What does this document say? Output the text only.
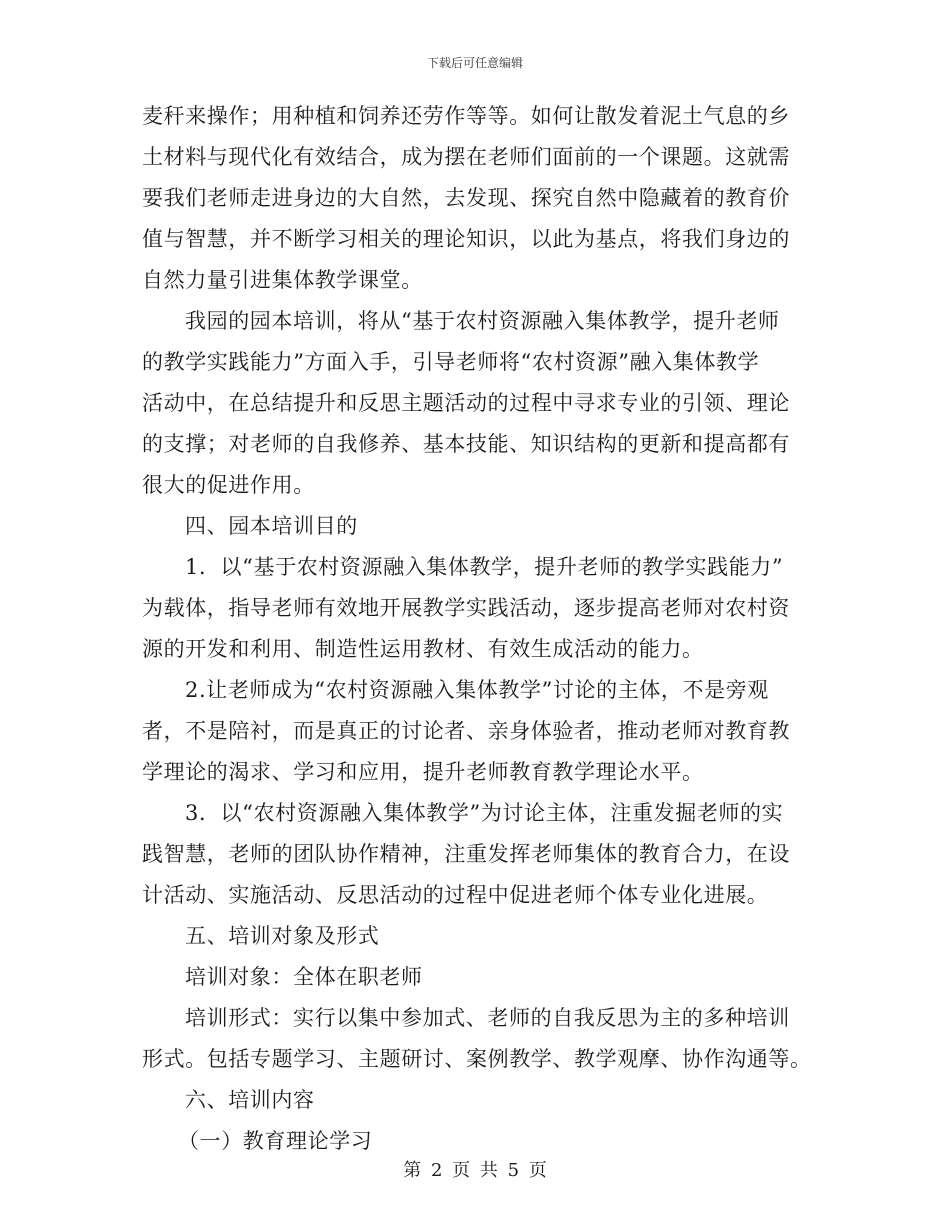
下载后可任意编辑
麦秆来操作；用种植和饲养还劳作等等。如何让散发着泥土气息的乡
土材料与现代化有效结合，成为摆在老师们面前的一个课题。这就需
要我们老师走进身边的大自然，去发现、探究自然中隐藏着的教育价
值与智慧，并不断学习相关的理论知识，以此为基点，将我们身边的
自然力量引进集体教学课堂。
我园的园本培训，将从“基于农村资源融入集体教学，提升老师
的教学实践能力”方面入手，引导老师将“农村资源”融入集体教学
活动中，在总结提升和反思主题活动的过程中寻求专业的引领、理论
的支撑；对老师的自我修养、基本技能、知识结构的更新和提高都有
很大的促进作用。
四、园本培训目的
1．以“基于农村资源融入集体教学，提升老师的教学实践能力”
为载体，指导老师有效地开展教学实践活动，逐步提高老师对农村资
源的开发和利用、制造性运用教材、有效生成活动的能力。
2.让老师成为“农村资源融入集体教学”讨论的主体，不是旁观
者，不是陪衬，而是真正的讨论者、亲身体验者，推动老师对教育教
学理论的渴求、学习和应用，提升老师教育教学理论水平。
3．以“农村资源融入集体教学”为讨论主体，注重发掘老师的实
践智慧，老师的团队协作精神，注重发挥老师集体的教育合力，在设
计活动、实施活动、反思活动的过程中促进老师个体专业化进展。
五、培训对象及形式
培训对象：全体在职老师
培训形式：实行以集中参加式、老师的自我反思为主的多种培训
形式。包括专题学习、主题研讨、案例教学、教学观摩、协作沟通等。
六、培训内容
（一）教育理论学习
第 2 页 共 5 页
